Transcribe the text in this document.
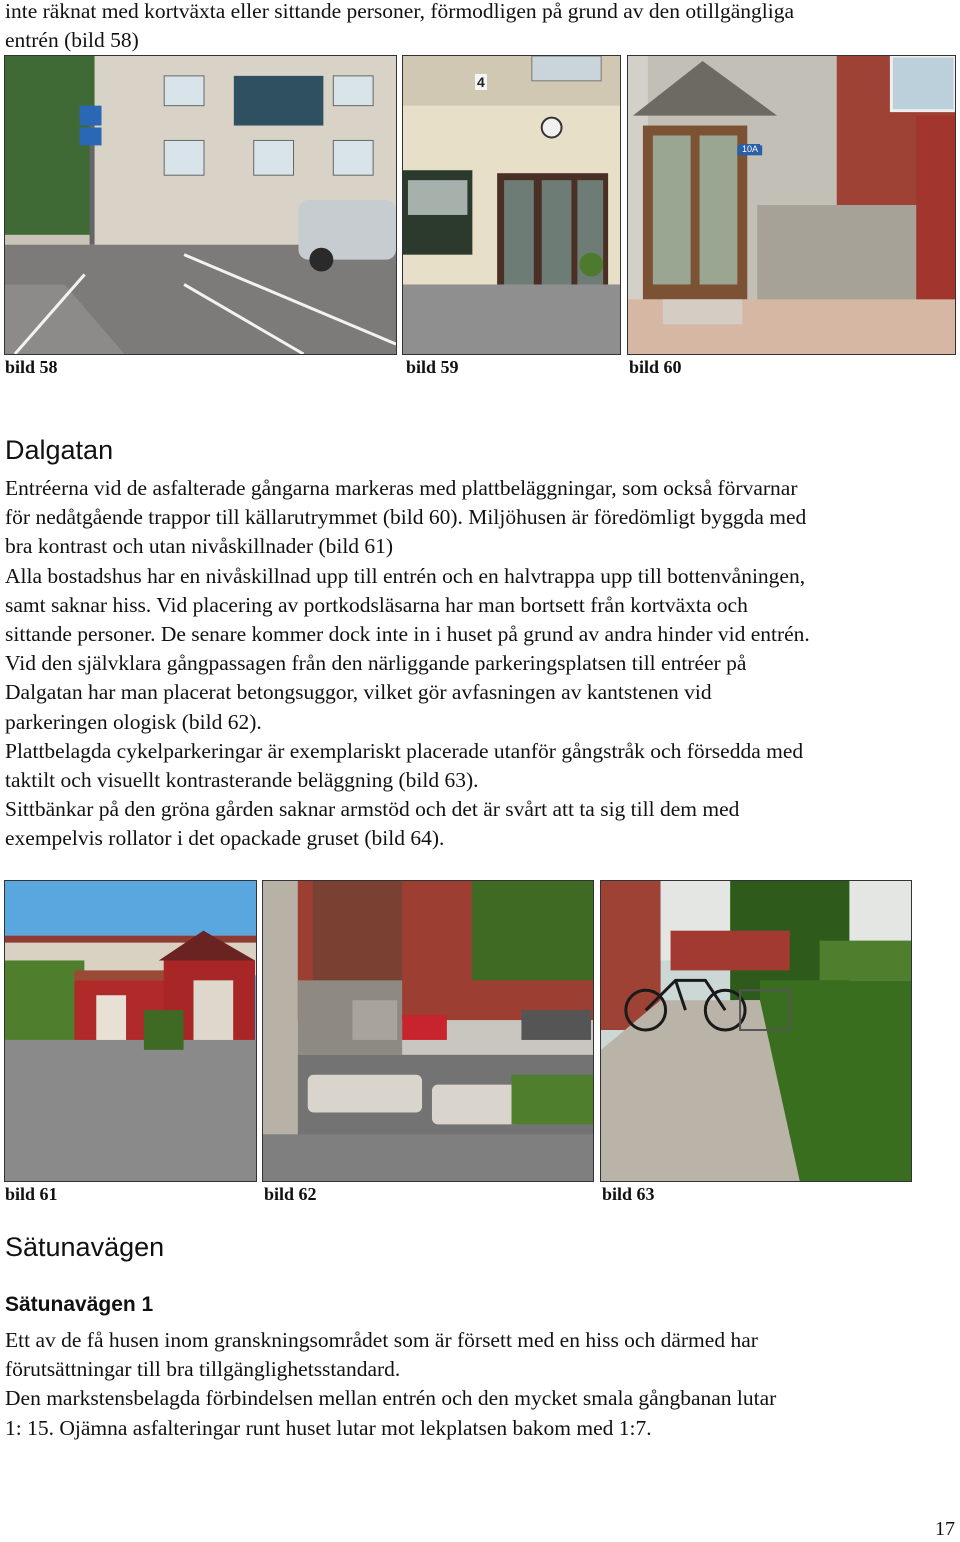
inte räknat med kortväxta eller sittande personer, förmodligen på grund av den otillgängliga
entrén (bild 58)
4
10A
bild 58	bild 59	bild 60
Dalgatan
Entréerna vid de asfalterade gångarna markeras med plattbeläggningar, som också förvarnar
för nedåtgående trappor till källarutrymmet (bild 60). Miljöhusen är föredömligt byggda med
bra kontrast och utan nivåskillnader (bild 61)
Alla bostadshus har en nivåskillnad upp till entrén och en halvtrappa upp till bottenvåningen,
samt saknar hiss. Vid placering av portkodsläsarna har man bortsett från kortväxta och
sittande personer. De senare kommer dock inte in i huset på grund av andra hinder vid entrén.
Vid den självklara gångpassagen från den närliggande parkeringsplatsen till entréer på
Dalgatan har man placerat betongsuggor, vilket gör avfasningen av kantstenen vid
parkeringen ologisk (bild 62).
Plattbelagda cykelparkeringar är exemplariskt placerade utanför gångstråk och försedda med
taktilt och visuellt kontrasterande beläggning (bild 63).
Sittbänkar på den gröna gården saknar armstöd och det är svårt att ta sig till dem med
exempelvis rollator i det opackade gruset (bild 64).
bild 61	bild 62	bild 63
Sätunavägen
Sätunavägen 1
Ett av de få husen inom granskningsområdet som är försett med en hiss och därmed har
förutsättningar till bra tillgänglighetsstandard.
Den markstensbelagda förbindelsen mellan entrén och den mycket smala gångbanan lutar
1: 15. Ojämna asfalteringar runt huset lutar mot lekplatsen bakom med 1:7.
17
